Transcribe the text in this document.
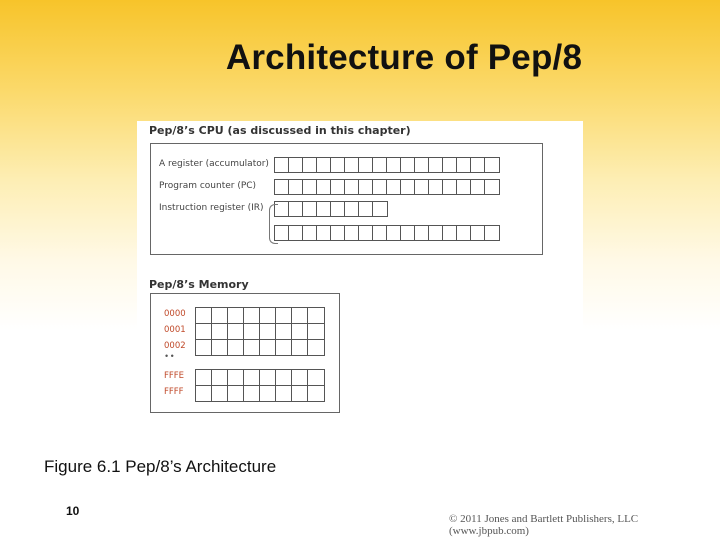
Architecture of Pep/8
Pep/8’s CPU (as discussed in this chapter)
A register (accumulator)
Program counter (PC)
Instruction register (IR)
Pep/8’s Memory
0000
0001
0002
• •
FFFE
FFFF
Figure 6.1 Pep/8’s Architecture
10
© 2011 Jones and Bartlett Publishers, LLC (www.jbpub.com)
